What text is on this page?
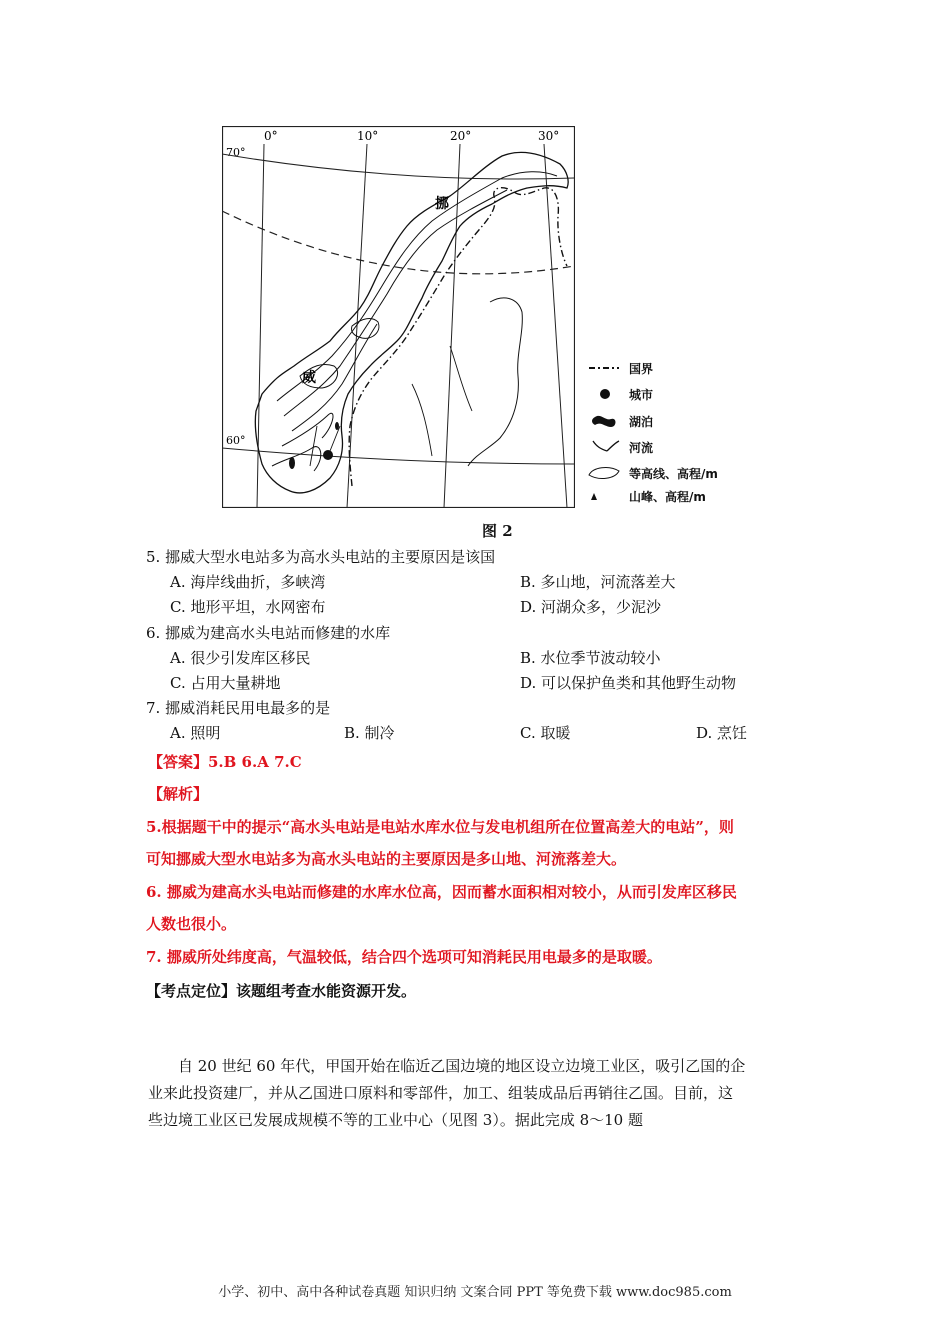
0°	10°	20°	30°
70°
60°
挪
威
国界
城市
湖泊
河流
等高线、高程/m
山峰、高程/m
图 2
5. 挪威大型水电站多为高水头电站的主要原因是该国
A. 海岸线曲折，多峡湾	B. 多山地，河流落差大
C. 地形平坦，水网密布	D. 河湖众多，少泥沙
6. 挪威为建高水头电站而修建的水库
A. 很少引发库区移民	B. 水位季节波动较小
C. 占用大量耕地	D. 可以保护鱼类和其他野生动物
7. 挪威消耗民用电最多的是
A. 照明	B. 制冷	C. 取暖	D. 烹饪
【答案】5.B 6.A 7.C
【解析】
5.根据题干中的提示“高水头电站是电站水库水位与发电机组所在位置高差大的电站”，则
可知挪威大型水电站多为高水头电站的主要原因是多山地、河流落差大。
6. 挪威为建高水头电站而修建的水库水位高，因而蓄水面积相对较小，从而引发库区移民
人数也很小。
7. 挪威所处纬度高，气温较低，结合四个选项可知消耗民用电最多的是取暖。
【考点定位】该题组考查水能资源开发。
自 20 世纪 60 年代，甲国开始在临近乙国边境的地区设立边境工业区，吸引乙国的企
业来此投资建厂，并从乙国进口原料和零部件，加工、组装成品后再销往乙国。目前，这
些边境工业区已发展成规模不等的工业中心（见图 3）。据此完成 8～10 题
小学、初中、高中各种试卷真题 知识归纳 文案合同 PPT 等免费下载 www.doc985.com
